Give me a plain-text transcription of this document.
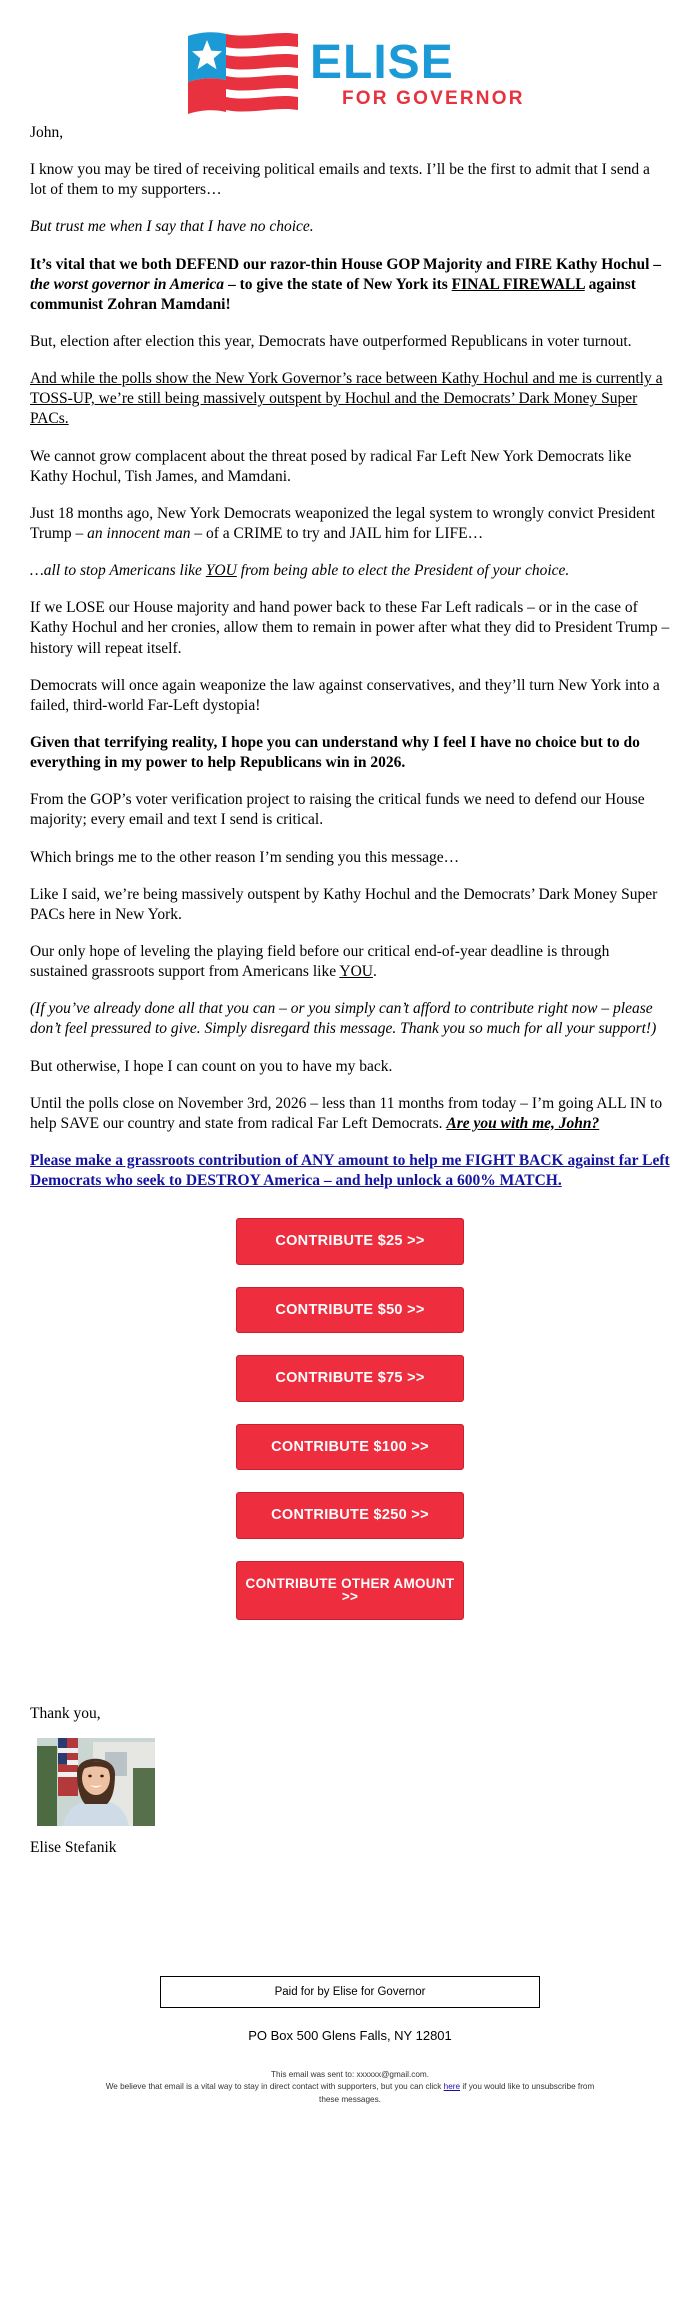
ELISE
FOR GOVERNOR

John,

I know you may be tired of receiving political emails and texts. I’ll be the first to admit that I send a lot of them to my supporters…

But trust me when I say that I have no choice.

It’s vital that we both DEFEND our razor-thin House GOP Majority and FIRE Kathy Hochul – the worst governor in America – to give the state of New York its FINAL FIREWALL against communist Zohran Mamdani!

But, election after election this year, Democrats have outperformed Republicans in voter turnout.

And while the polls show the New York Governor’s race between Kathy Hochul and me is currently a TOSS-UP, we’re still being massively outspent by Hochul and the Democrats’ Dark Money Super PACs.

We cannot grow complacent about the threat posed by radical Far Left New York Democrats like Kathy Hochul, Tish James, and Mamdani.

Just 18 months ago, New York Democrats weaponized the legal system to wrongly convict President Trump – an innocent man – of a CRIME to try and JAIL him for LIFE…

…all to stop Americans like YOU from being able to elect the President of your choice.

If we LOSE our House majority and hand power back to these Far Left radicals – or in the case of Kathy Hochul and her cronies, allow them to remain in power after what they did to President Trump – history will repeat itself.

Democrats will once again weaponize the law against conservatives, and they’ll turn New York into a failed, third-world Far-Left dystopia!

Given that terrifying reality, I hope you can understand why I feel I have no choice but to do everything in my power to help Republicans win in 2026.

From the GOP’s voter verification project to raising the critical funds we need to defend our House majority; every email and text I send is critical.

Which brings me to the other reason I’m sending you this message…

Like I said, we’re being massively outspent by Kathy Hochul and the Democrats’ Dark Money Super PACs here in New York.

Our only hope of leveling the playing field before our critical end-of-year deadline is through sustained grassroots support from Americans like YOU.

(If you’ve already done all that you can – or you simply can’t afford to contribute right now – please don’t feel pressured to give. Simply disregard this message. Thank you so much for all your support!)

But otherwise, I hope I can count on you to have my back.

Until the polls close on November 3rd, 2026 – less than 11 months from today – I’m going ALL IN to help SAVE our country and state from radical Far Left Democrats. Are you with me, John?

Please make a grassroots contribution of ANY amount to help me FIGHT BACK against far Left Democrats who seek to DESTROY America – and help unlock a 600% MATCH.

CONTRIBUTE $25 >>
CONTRIBUTE $50 >>
CONTRIBUTE $75 >>
CONTRIBUTE $100 >>
CONTRIBUTE $250 >>
CONTRIBUTE OTHER AMOUNT >>

Thank you,

Elise Stefanik

Paid for by Elise for Governor
PO Box 500 Glens Falls, NY 12801
This email was sent to: xxxxxx@gmail.com.
We believe that email is a vital way to stay in direct contact with supporters, but you can click here if you would like to unsubscribe from
these messages.
